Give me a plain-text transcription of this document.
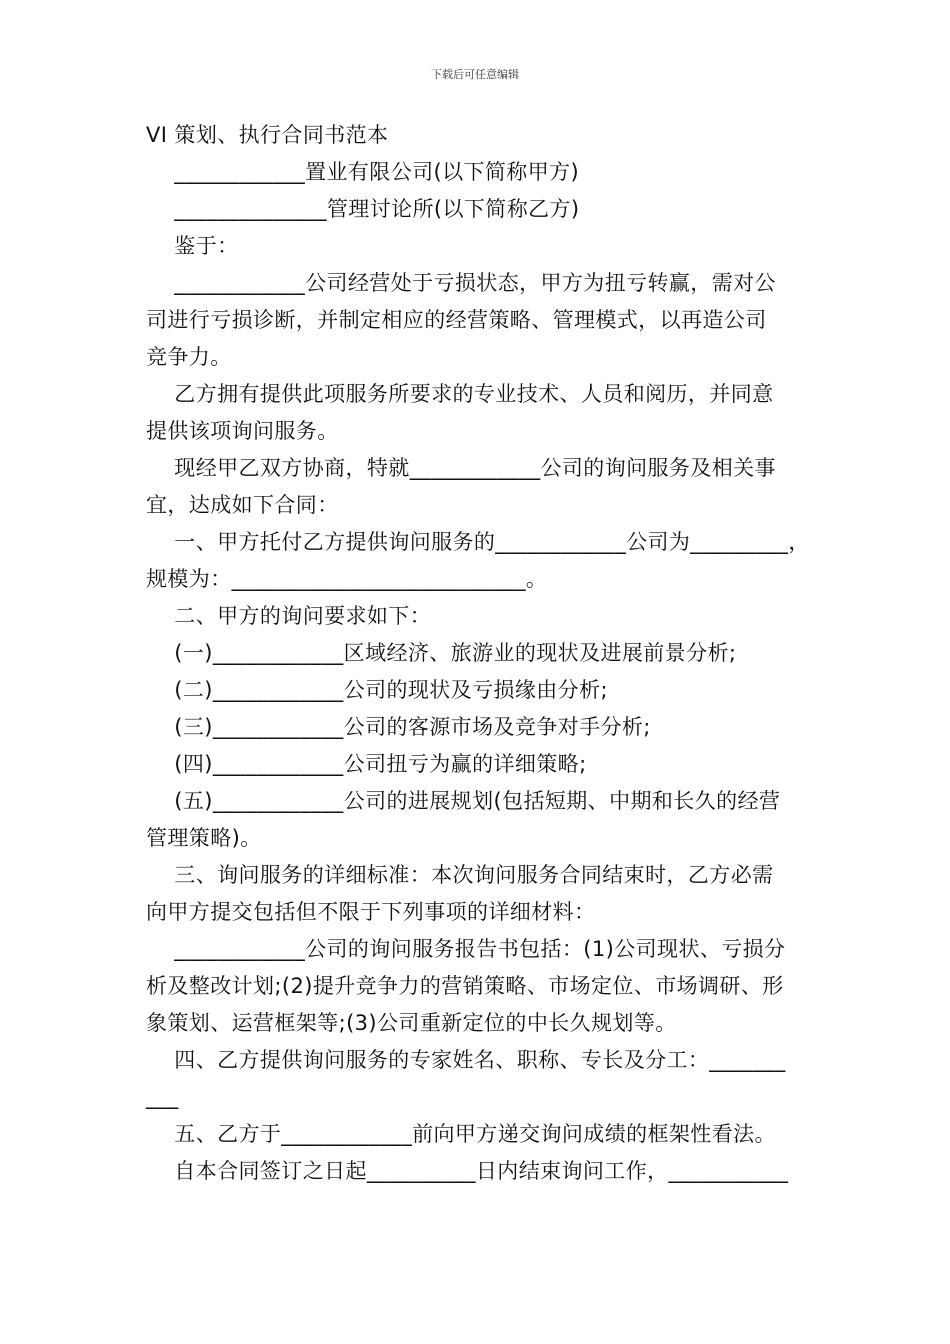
下载后可任意编辑
VI 策划、执行合同书范本
____________置业有限公司(以下简称甲方)
______________管理讨论所(以下简称乙方)
鉴于：
____________公司经营处于亏损状态，甲方为扭亏转赢，需对公
司进行亏损诊断，并制定相应的经营策略、管理模式，以再造公司
竞争力。
乙方拥有提供此项服务所要求的专业技术、人员和阅历，并同意
提供该项询问服务。
现经甲乙双方协商，特就____________公司的询问服务及相关事
宜，达成如下合同：
一、甲方托付乙方提供询问服务的____________公司为_________，
规模为：___________________________。
二、甲方的询问要求如下：
(一)____________区域经济、旅游业的现状及进展前景分析;
(二)____________公司的现状及亏损缘由分析;
(三)____________公司的客源市场及竞争对手分析;
(四)____________公司扭亏为赢的详细策略;
(五)____________公司的进展规划(包括短期、中期和长久的经营
管理策略)。
三、询问服务的详细标准：本次询问服务合同结束时，乙方必需
向甲方提交包括但不限于下列事项的详细材料：
____________公司的询问服务报告书包括：(1)公司现状、亏损分
析及整改计划;(2)提升竞争力的营销策略、市场定位、市场调研、形
象策划、运营框架等;(3)公司重新定位的中长久规划等。
四、乙方提供询问服务的专家姓名、职称、专长及分工：_______
___
五、乙方于____________前向甲方递交询问成绩的框架性看法。
自本合同签订之日起__________日内结束询问工作，___________
